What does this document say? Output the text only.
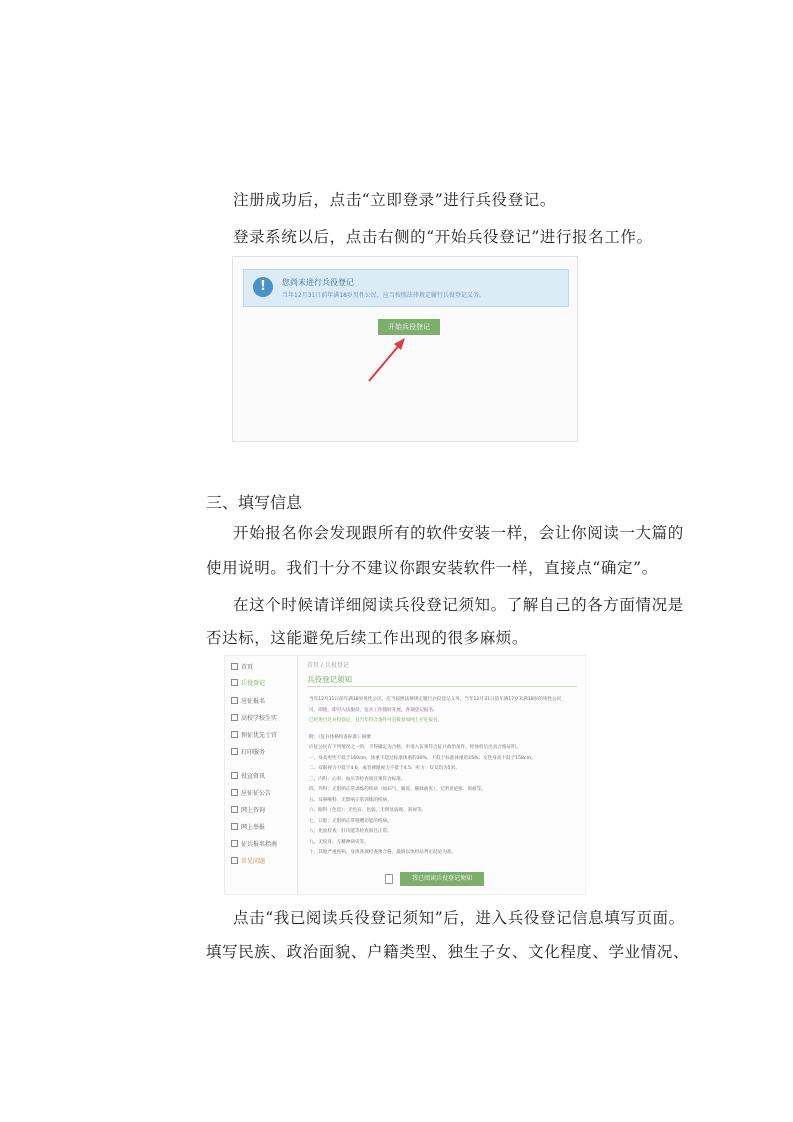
注册成功后，点击“立即登录”进行兵役登记。
登录系统以后，点击右侧的“开始兵役登记”进行报名工作。
!	您尚未进行兵役登记
当年12月31日前年满18岁男性公民，应当按照法律规定履行兵役登记义务。
开始兵役登记
三、填写信息
开始报名你会发现跟所有的软件安装一样，会让你阅读一大篇的
使用说明。我们十分不建议你跟安装软件一样，直接点“确定”。
在这个时候请详细阅读兵役登记须知。了解自己的各方面情况是
否达标，这能避免后续工作出现的很多麻烦。
首页
兵役登记
应征报名
高校学校生实
预征优先士官
打印服务
役宣资讯
应征征公告
网上咨询
网上举报
征兵报名指南
常见问题
首页 / 兵役登记
兵役登记须知
当年12月31日前年满18岁男性公民，应当按照法律规定履行兵役登记义务。当年12月31日前年满17岁未满18岁的男性公民
可，即使，即可入伍服役，征兵工作随时开展，各项登记报名。
已经进行过兵役登记，且当年符合条件可直接参加网上应征报名。
附：《征兵体格检查标准》摘要
应征公民有下列情况之一的，不得确定为合格，申请入伍须符合征兵政治条件，经体检后出具合格证明。
一、身高男性不低于160cm，体重不超过标准体重的30%、不低于标准体重的15%；女性身高不低于158cm。
二、双眼视力不低于4.6，或者裸眼视力不低于4.5；听力：双耳均为5米。
三、内科：心率、血压等检查项目须符合标准。
四、外科：无影响正常训练的疾病（如疝气、腋臭、静脉曲张），无明显疤痕、斑痕等。
五、耳鼻喉科：无影响正常训练的疾病。
六、眼科（色觉）：无色盲、色弱，无明显弱视、斜视等。
七、口腔：无影响正常咀嚼功能的疾病。
八、化验检查：肝功能等检查项目正常。
九、无纹身、无精神病史等。
十、其他严重疾病，身体各项检查须合格，最终以体检站判定结论为准。
我已阅读兵役登记须知
点击“我已阅读兵役登记须知”后，进入兵役登记信息填写页面。
填写民族、政治面貌、户籍类型、独生子女、文化程度、学业情况、
